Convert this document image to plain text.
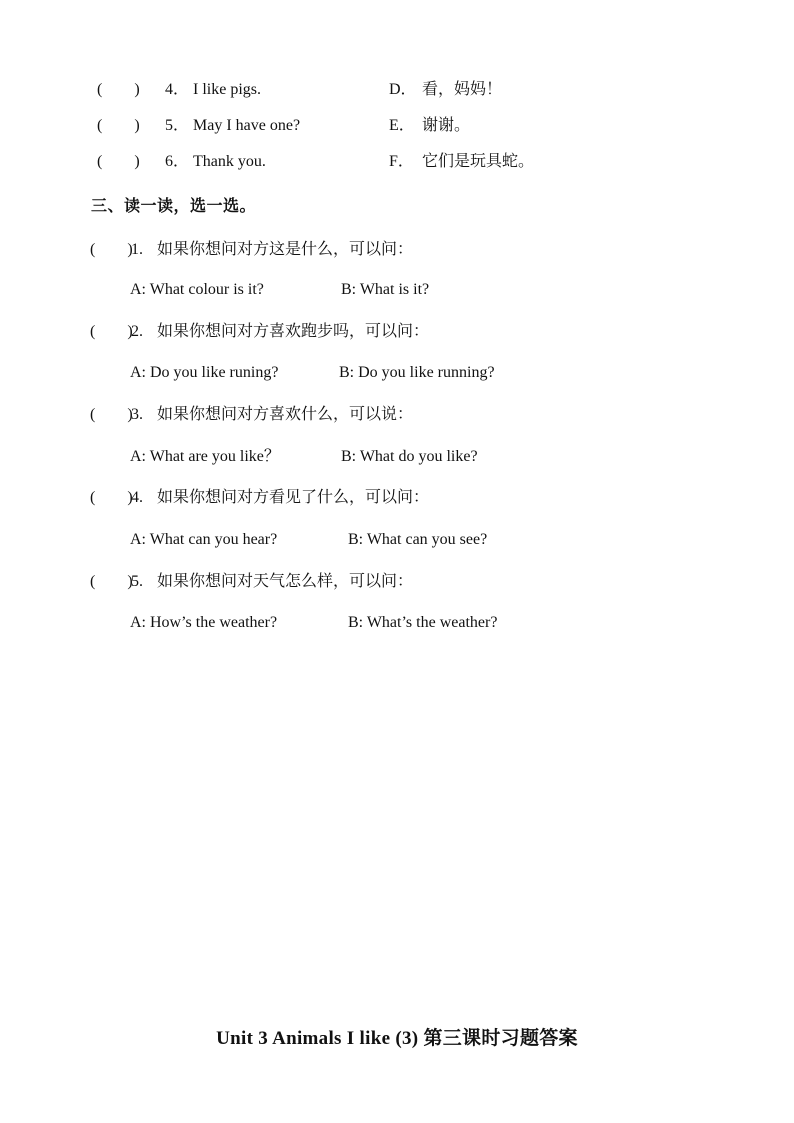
(　　) 4． I like pigs.	D． 看，妈妈！
(　　) 5． May I have one?	E． 谢谢。
(　　) 6． Thank you.	F． 它们是玩具蛇。
三、读一读，选一选。
(　　)
1. 如果你想问对方这是什么，可以问：
A: What colour is it?	B: What is it?
(　　)
2. 如果你想问对方喜欢跑步吗，可以问：
A: Do you like runing?	B: Do you like running?
(　　)
3. 如果你想问对方喜欢什么，可以说：
A: What are you like？	B: What do you like?
(　　)
4. 如果你想问对方看见了什么，可以问：
A: What can you hear?	B: What can you see?
(　　)
5. 如果你想问对天气怎么样，可以问：
A: How’s the weather?	B: What’s the weather?
Unit 3 Animals I like (3) 第三课时习题答案
